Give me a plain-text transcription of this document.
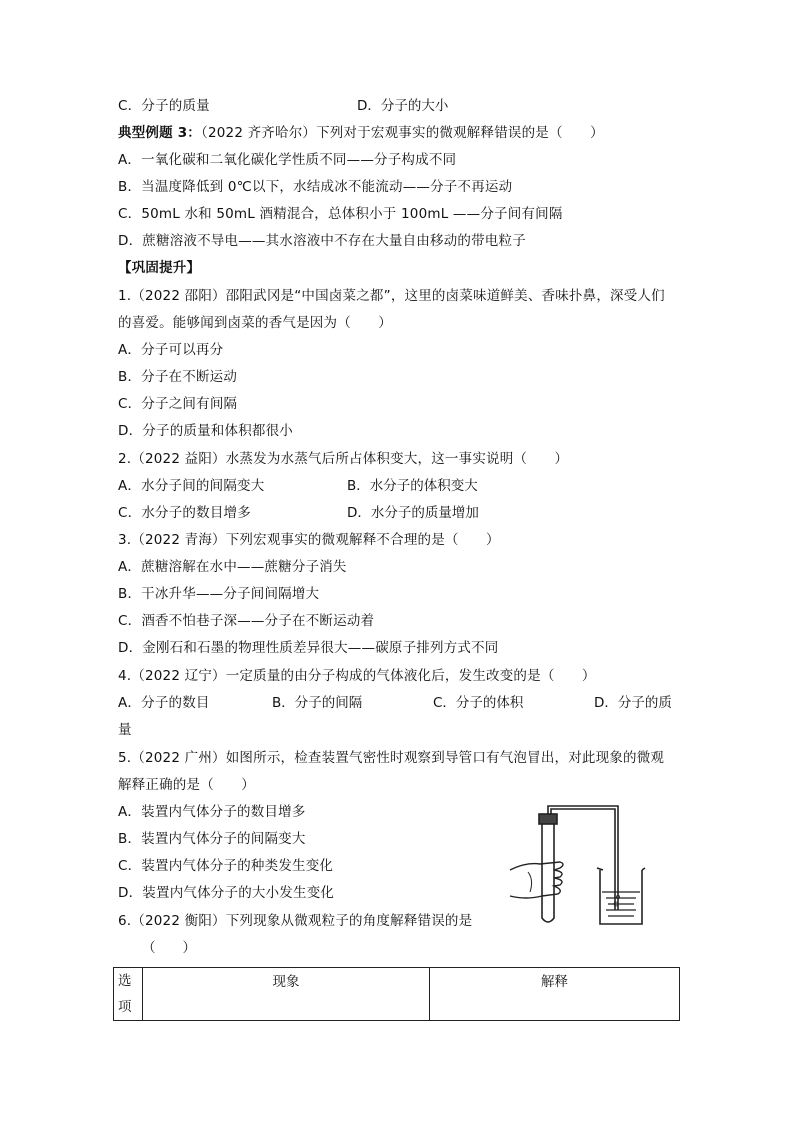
C．分子的质量	D．分子的大小
典型例题 3：（2022 齐齐哈尔）下列对于宏观事实的微观解释错误的是（　　）
A．一氧化碳和二氧化碳化学性质不同——分子构成不同
B．当温度降低到 0℃以下，水结成冰不能流动——分子不再运动
C．50mL 水和 50mL 酒精混合，总体积小于 100mL ——分子间有间隔
D．蔗糖溶液不导电——其水溶液中不存在大量自由移动的带电粒子
【巩固提升】
1.（2022 邵阳）邵阳武冈是“中国卤菜之都”，这里的卤菜味道鲜美、香味扑鼻，深受人们
的喜爱。能够闻到卤菜的香气是因为（　　）
A．分子可以再分
B．分子在不断运动
C．分子之间有间隔
D．分子的质量和体积都很小
2.（2022 益阳）水蒸发为水蒸气后所占体积变大，这一事实说明（　　）
A．水分子间的间隔变大	B．水分子的体积变大
C．水分子的数目增多	D．水分子的质量增加
3.（2022 青海）下列宏观事实的微观解释不合理的是（　　）
A．蔗糖溶解在水中——蔗糖分子消失
B．干冰升华——分子间间隔增大
C．酒香不怕巷子深——分子在不断运动着
D．金刚石和石墨的物理性质差异很大——碳原子排列方式不同
4.（2022 辽宁）一定质量的由分子构成的气体液化后，发生改变的是（　　）
A．分子的数目	B．分子的间隔	C．分子的体积	D．分子的质
量
5.（2022 广州）如图所示，检查装置气密性时观察到导管口有气泡冒出，对此现象的微观
解释正确的是（　　）
A．装置内气体分子的数目增多
B．装置内气体分子的间隔变大
C．装置内气体分子的种类发生变化
D．装置内气体分子的大小发生变化
6.（2022 衡阳）下列现象从微观粒子的角度解释错误的是
（　　）
选
项
	现象	解释
